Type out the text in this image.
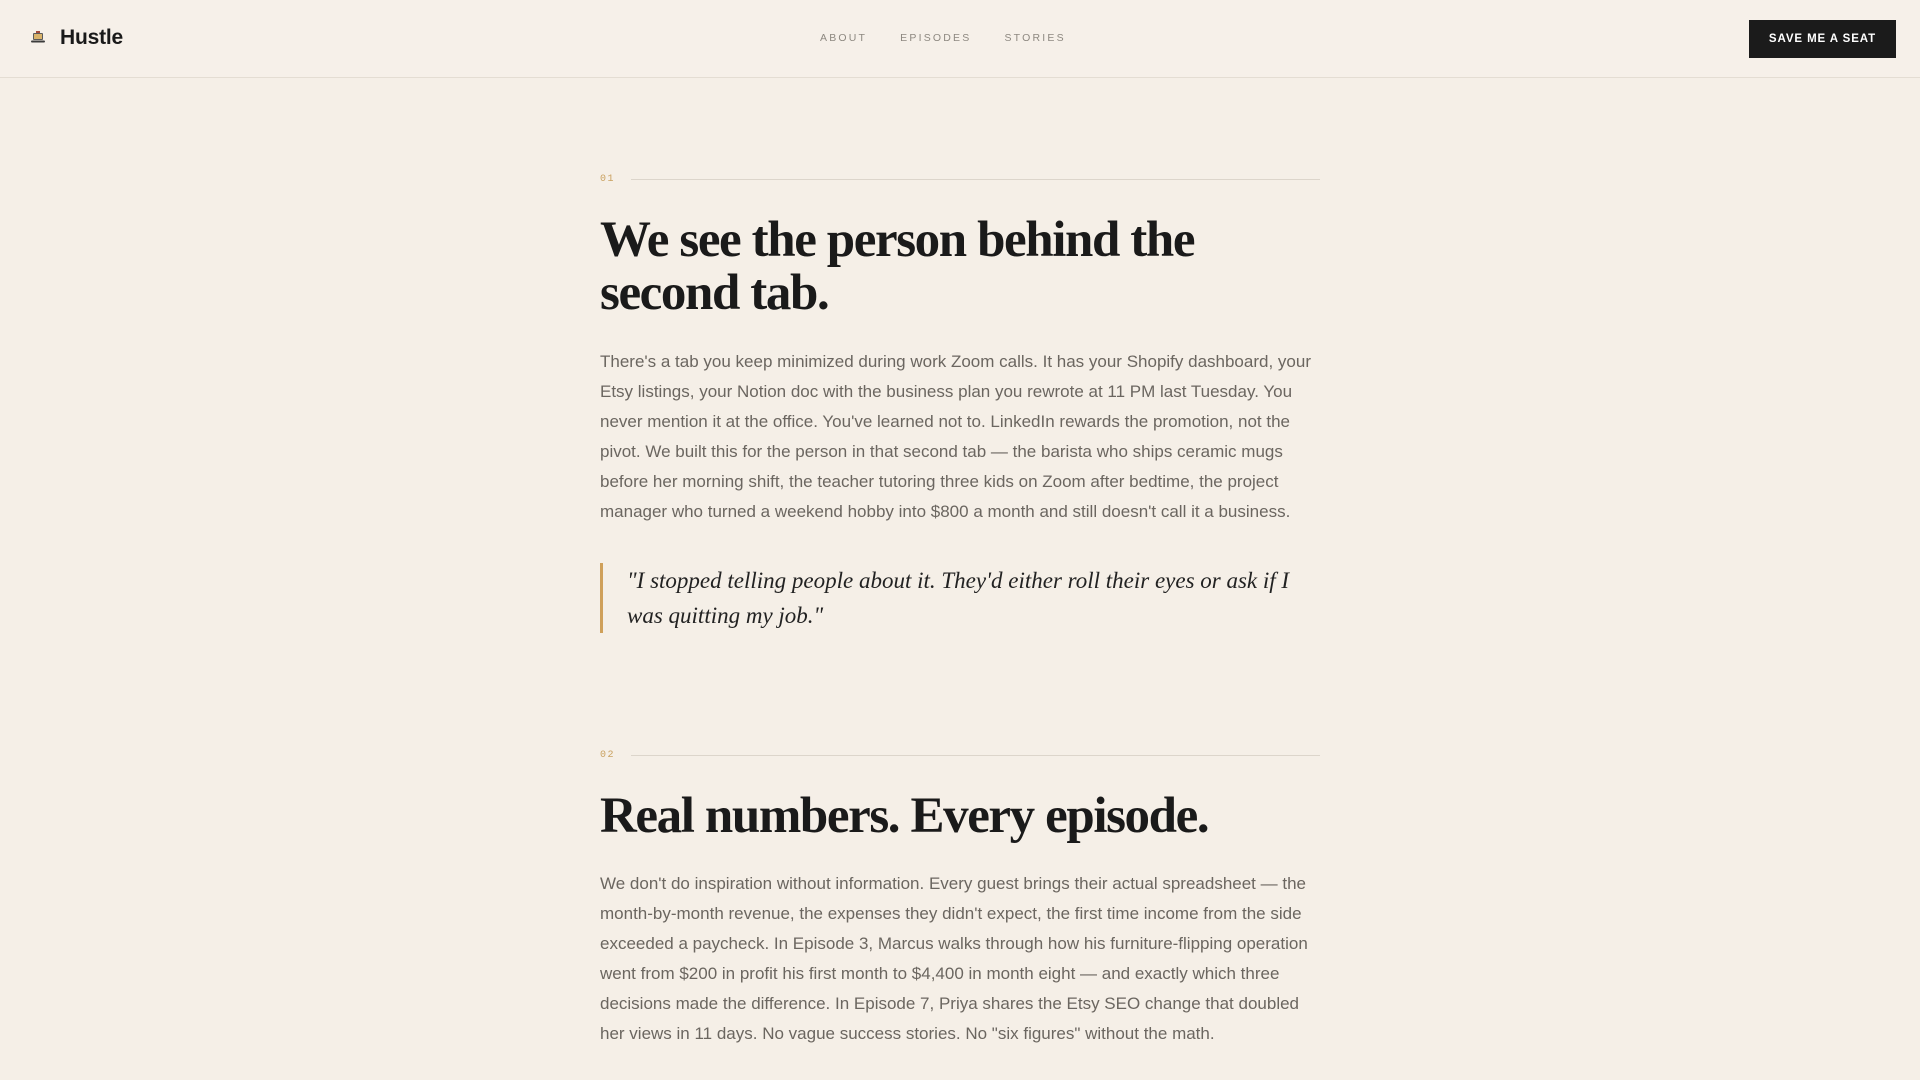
Hustle	ABOUT	EPISODES	STORIES	SAVE ME A SEAT
01
We see the person behind the second tab.

There's a tab you keep minimized during work Zoom calls. It has your Shopify dashboard, your Etsy listings, your Notion doc with the business plan you rewrote at 11 PM last Tuesday. You never mention it at the office. You've learned not to. LinkedIn rewards the promotion, not the pivot. We built this for the person in that second tab — the barista who ships ceramic mugs before her morning shift, the teacher tutoring three kids on Zoom after bedtime, the project manager who turned a weekend hobby into $800 a month and still doesn't call it a business.

"I stopped telling people about it. They'd either roll their eyes or ask if I was quitting my job."
02
Real numbers. Every episode.

We don't do inspiration without information. Every guest brings their actual spreadsheet — the month-by-month revenue, the expenses they didn't expect, the first time income from the side exceeded a paycheck. In Episode 3, Marcus walks through how his furniture-flipping operation went from $200 in profit his first month to $4,400 in month eight — and exactly which three decisions made the difference. In Episode 7, Priya shares the Etsy SEO change that doubled her views in 11 days. No vague success stories. No "six figures" without the math.
